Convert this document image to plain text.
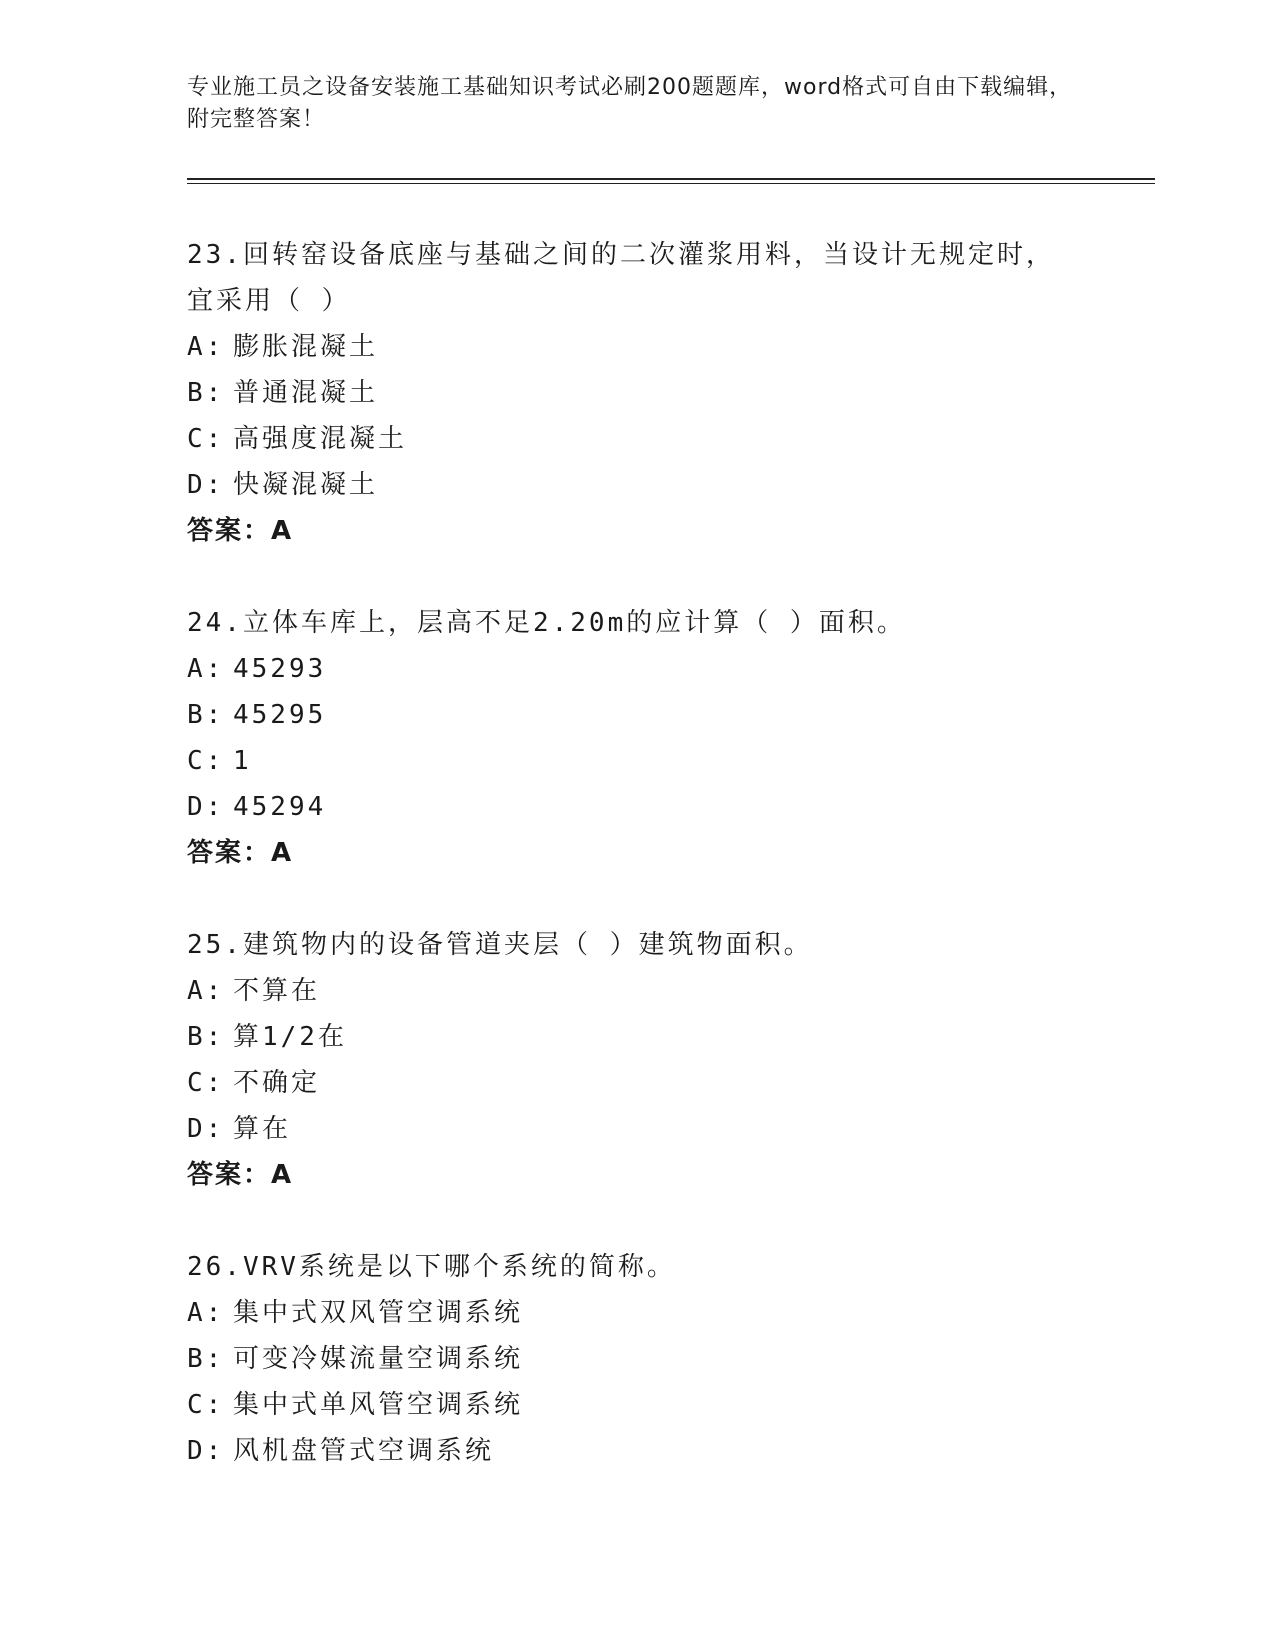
专业施工员之设备安装施工基础知识考试必刷200题题库，word格式可自由下载编辑，附完整答案！
23.回转窑设备底座与基础之间的二次灌浆用料，当设计无规定时，宜采用（ ）
A: 膨胀混凝土
B: 普通混凝土
C: 高强度混凝土
D: 快凝混凝土
答案：A
24.立体车库上，层高不足2.20m的应计算（ ）面积。
A: 45293
B: 45295
C: 1
D: 45294
答案：A
25.建筑物内的设备管道夹层（ ）建筑物面积。
A: 不算在
B: 算1/2在
C: 不确定
D: 算在
答案：A
26.VRV系统是以下哪个系统的简称。
A: 集中式双风管空调系统
B: 可变冷媒流量空调系统
C: 集中式单风管空调系统
D: 风机盘管式空调系统
